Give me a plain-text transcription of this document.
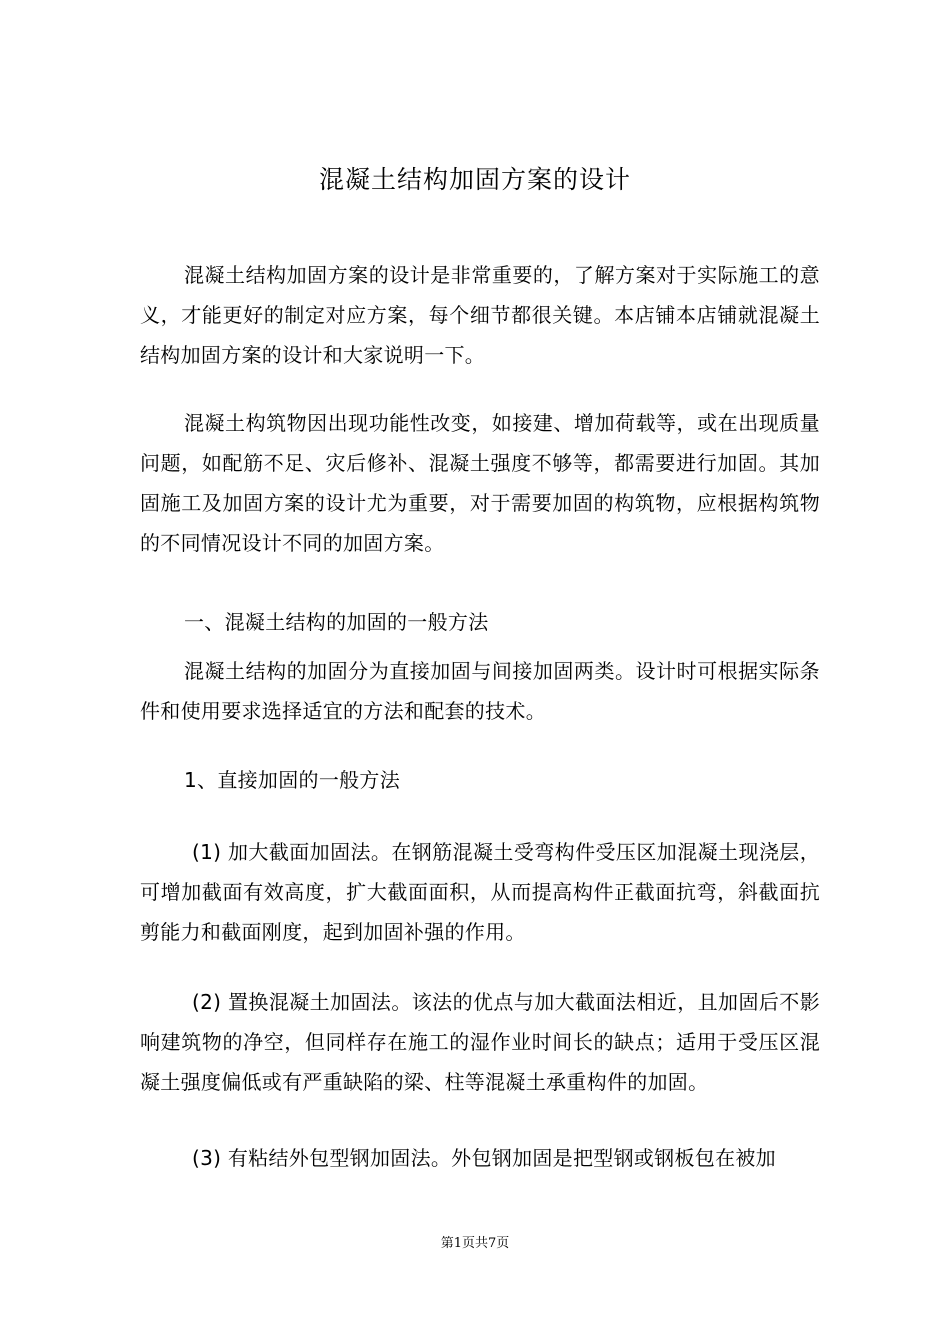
混凝土结构加固方案的设计

混凝土结构加固方案的设计是非常重要的，了解方案对于实际施工的意义，才能更好的制定对应方案，每个细节都很关键。本店铺本店铺就混凝土结构加固方案的设计和大家说明一下。

混凝土构筑物因出现功能性改变，如接建、增加荷载等，或在出现质量问题，如配筋不足、灾后修补、混凝土强度不够等，都需要进行加固。其加固施工及加固方案的设计尤为重要，对于需要加固的构筑物，应根据构筑物的不同情况设计不同的加固方案。

一、混凝土结构的加固的一般方法

混凝土结构的加固分为直接加固与间接加固两类。设计时可根据实际条件和使用要求选择适宜的方法和配套的技术。

1、直接加固的一般方法

(1) 加大截面加固法。在钢筋混凝土受弯构件受压区加混凝土现浇层，可增加截面有效高度，扩大截面面积，从而提高构件正截面抗弯，斜截面抗剪能力和截面刚度，起到加固补强的作用。

(2) 置换混凝土加固法。该法的优点与加大截面法相近，且加固后不影响建筑物的净空，但同样存在施工的湿作业时间长的缺点；适用于受压区混凝土强度偏低或有严重缺陷的梁、柱等混凝土承重构件的加固。

(3) 有粘结外包型钢加固法。外包钢加固是把型钢或钢板包在被加

第1页共7页
